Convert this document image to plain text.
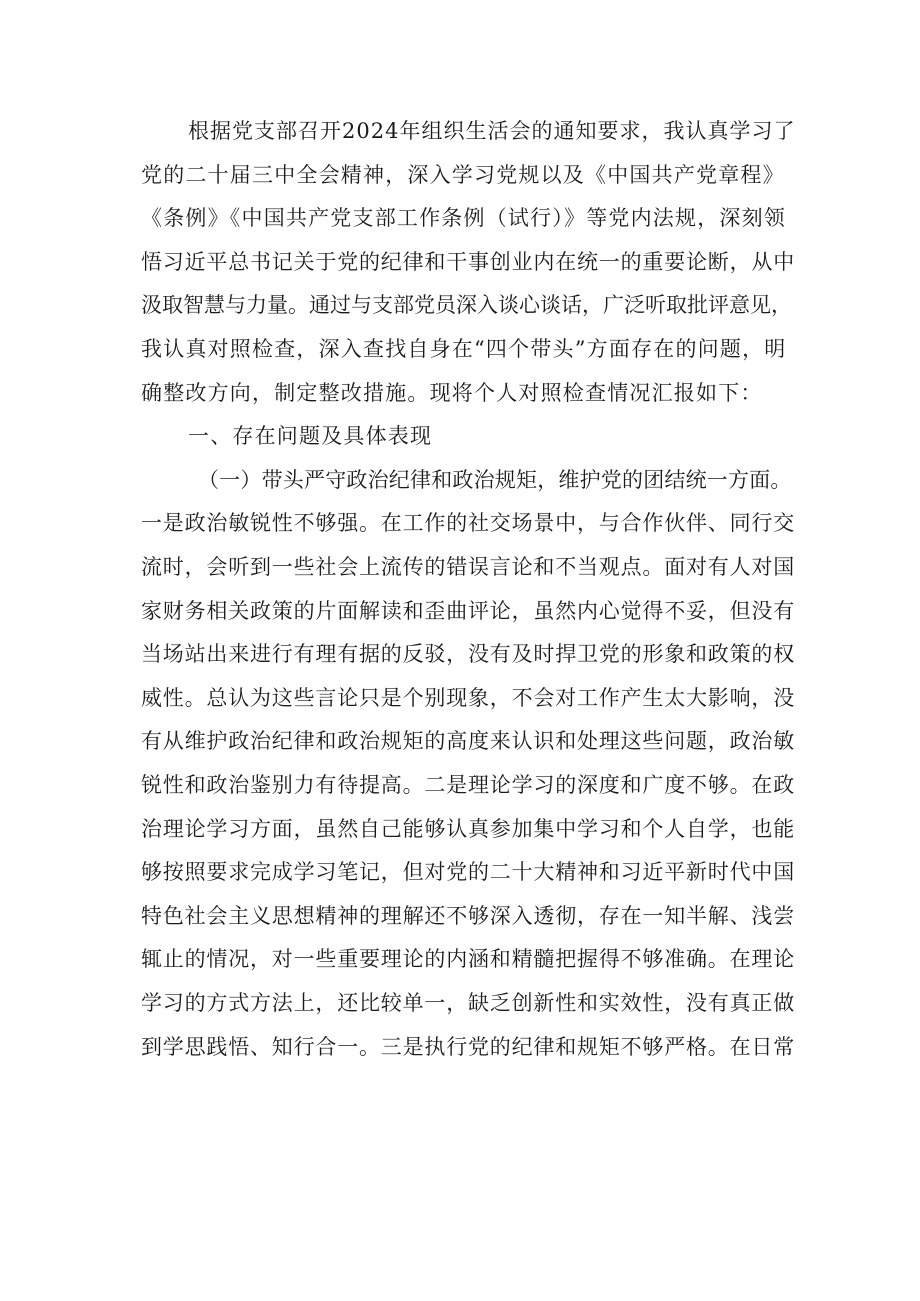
根据党支部召开2024年组织生活会的通知要求，我认真学习了

党的二十届三中全会精神，深入学习党规以及《中国共产党章程》

《条例》《中国共产党支部工作条例（试行）》等党内法规，深刻领

悟习近平总书记关于党的纪律和干事创业内在统一的重要论断，从中

汲取智慧与力量。通过与支部党员深入谈心谈话，广泛听取批评意见，

我认真对照检查，深入查找自身在“四个带头”方面存在的问题，明

确整改方向，制定整改措施。现将个人对照检查情况汇报如下：

一、存在问题及具体表现

（一）带头严守政治纪律和政治规矩，维护党的团结统一方面。

一是政治敏锐性不够强。在工作的社交场景中，与合作伙伴、同行交

流时，会听到一些社会上流传的错误言论和不当观点。面对有人对国

家财务相关政策的片面解读和歪曲评论，虽然内心觉得不妥，但没有

当场站出来进行有理有据的反驳，没有及时捍卫党的形象和政策的权

威性。总认为这些言论只是个别现象，不会对工作产生太大影响，没

有从维护政治纪律和政治规矩的高度来认识和处理这些问题，政治敏

锐性和政治鉴别力有待提高。二是理论学习的深度和广度不够。在政

治理论学习方面，虽然自己能够认真参加集中学习和个人自学，也能

够按照要求完成学习笔记，但对党的二十大精神和习近平新时代中国

特色社会主义思想精神的理解还不够深入透彻，存在一知半解、浅尝

辄止的情况，对一些重要理论的内涵和精髓把握得不够准确。在理论

学习的方式方法上，还比较单一，缺乏创新性和实效性，没有真正做

到学思践悟、知行合一。三是执行党的纪律和规矩不够严格。在日常
